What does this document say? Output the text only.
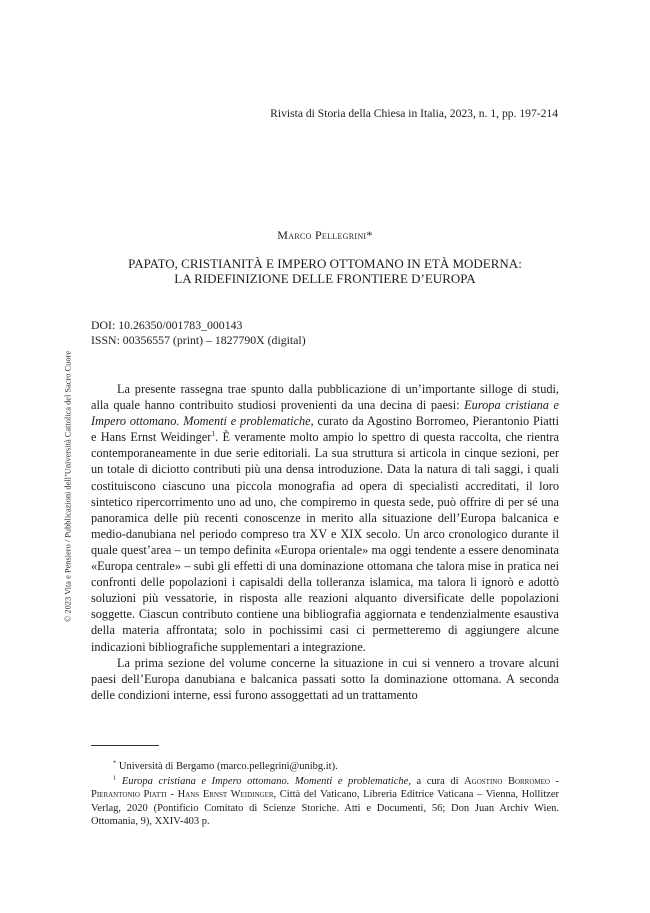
Rivista di Storia della Chiesa in Italia, 2023, n. 1, pp. 197-214
Marco Pellegrini*
PAPATO, CRISTIANITÀ E IMPERO OTTOMANO IN ETÀ MODERNA:
LA RIDEFINIZIONE DELLE FRONTIERE D’EUROPA
DOI: 10.26350/001783_000143
ISSN: 00356557 (print) – 1827790X (digital)

La presente rassegna trae spunto dalla pubblicazione di un’importante silloge di studi, alla quale hanno contribuito studiosi provenienti da una decina di paesi: Europa cristiana e Impero ottomano. Momenti e problematiche, curato da Agostino Borromeo, Pierantonio Piatti e Hans Ernst Weidinger$^1$. È veramente molto ampio lo spettro di questa raccolta, che rientra contemporaneamente in due serie editoriali. La sua struttura si articola in cinque sezioni, per un totale di diciotto contributi più una densa introduzione. Data la natura di tali saggi, i quali costituiscono ciascuno una piccola monografia ad opera di specialisti accreditati, il loro sintetico ripercorrimento uno ad uno, che compiremo in questa sede, può offrire di per sé una panoramica delle più recenti conoscenze in merito alla situazione dell’Europa balcanica e medio-danubiana nel periodo compreso tra XV e XIX secolo. Un arco cronologico durante il quale quest’area – un tempo definita «Europa orientale» ma oggi tendente a essere denominata «Europa centrale» – subì gli effetti di una dominazione ottomana che talora mise in pratica nei confronti delle popolazioni i capisaldi della tolleranza islamica, ma talora li ignorò e adottò soluzioni più vessatorie, in risposta alle reazioni alquanto diversificate delle popolazioni soggette. Ciascun contributo contiene una bibliografia aggiornata e tendenzialmente esaustiva della materia affrontata; solo in pochissimi casi ci permetteremo di aggiungere alcune indicazioni bibliografiche supplementari a integrazione.

La prima sezione del volume concerne la situazione in cui si vennero a trovare alcuni paesi dell’Europa danubiana e balcanica passati sotto la dominazione ottomana. A seconda delle condizioni interne, essi furono assoggettati ad un trattamento

* Università di Bergamo (marco.pellegrini@unibg.it).

$^1$ Europa cristiana e Impero ottomano. Momenti e problematiche, a cura di Agostino Borromeo - Pierantonio Piatti - Hans Ernst Weidinger, Città del Vaticano, Libreria Editrice Vaticana – Vienna, Hollitzer Verlag, 2020 (Pontificio Comitato di Scienze Storiche. Atti e Documenti, 56; Don Juan Archiv Wien. Ottomania, 9), XXIV-403 p.

© 2023 Vita e Pensiero / Pubblicazioni dell’Università Cattolica del Sacro Cuore
